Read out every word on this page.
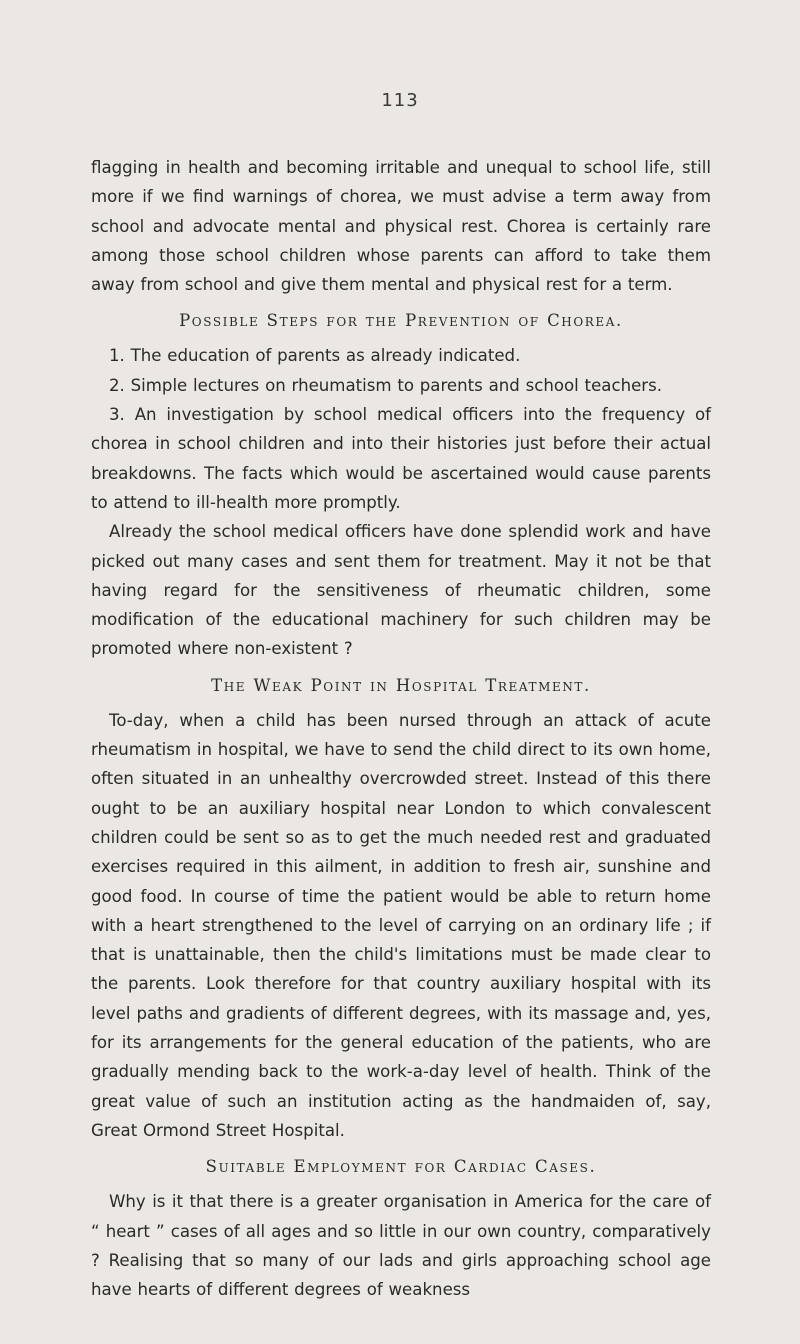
113

flagging in health and becoming irritable and unequal to school life, still more if we find warnings of chorea, we must advise a term away from school and advocate mental and physical rest. Chorea is certainly rare among those school children whose parents can afford to take them away from school and give them mental and physical rest for a term.

Possible Steps for the Prevention of Chorea.

1. The education of parents as already indicated.

2. Simple lectures on rheumatism to parents and school teachers.

3. An investigation by school medical officers into the frequency of chorea in school children and into their histories just before their actual breakdowns. The facts which would be ascertained would cause parents to attend to ill-health more promptly.

Already the school medical officers have done splendid work and have picked out many cases and sent them for treatment. May it not be that having regard for the sensitiveness of rheumatic children, some modification of the educational machinery for such children may be promoted where non-existent ?

The Weak Point in Hospital Treatment.

To-day, when a child has been nursed through an attack of acute rheumatism in hospital, we have to send the child direct to its own home, often situated in an unhealthy overcrowded street. Instead of this there ought to be an auxiliary hospital near London to which convalescent children could be sent so as to get the much needed rest and graduated exercises required in this ailment, in addition to fresh air, sunshine and good food. In course of time the patient would be able to return home with a heart strengthened to the level of carrying on an ordinary life ; if that is unattainable, then the child's limitations must be made clear to the parents. Look therefore for that country auxiliary hospital with its level paths and gradients of different degrees, with its massage and, yes, for its arrangements for the general education of the patients, who are gradually mending back to the work-a-day level of health. Think of the great value of such an institution acting as the handmaiden of, say, Great Ormond Street Hospital.

Suitable Employment for Cardiac Cases.

Why is it that there is a greater organisation in America for the care of “ heart ” cases of all ages and so little in our own country, comparatively ? Realising that so many of our lads and girls approaching school age have hearts of different degrees of weakness
